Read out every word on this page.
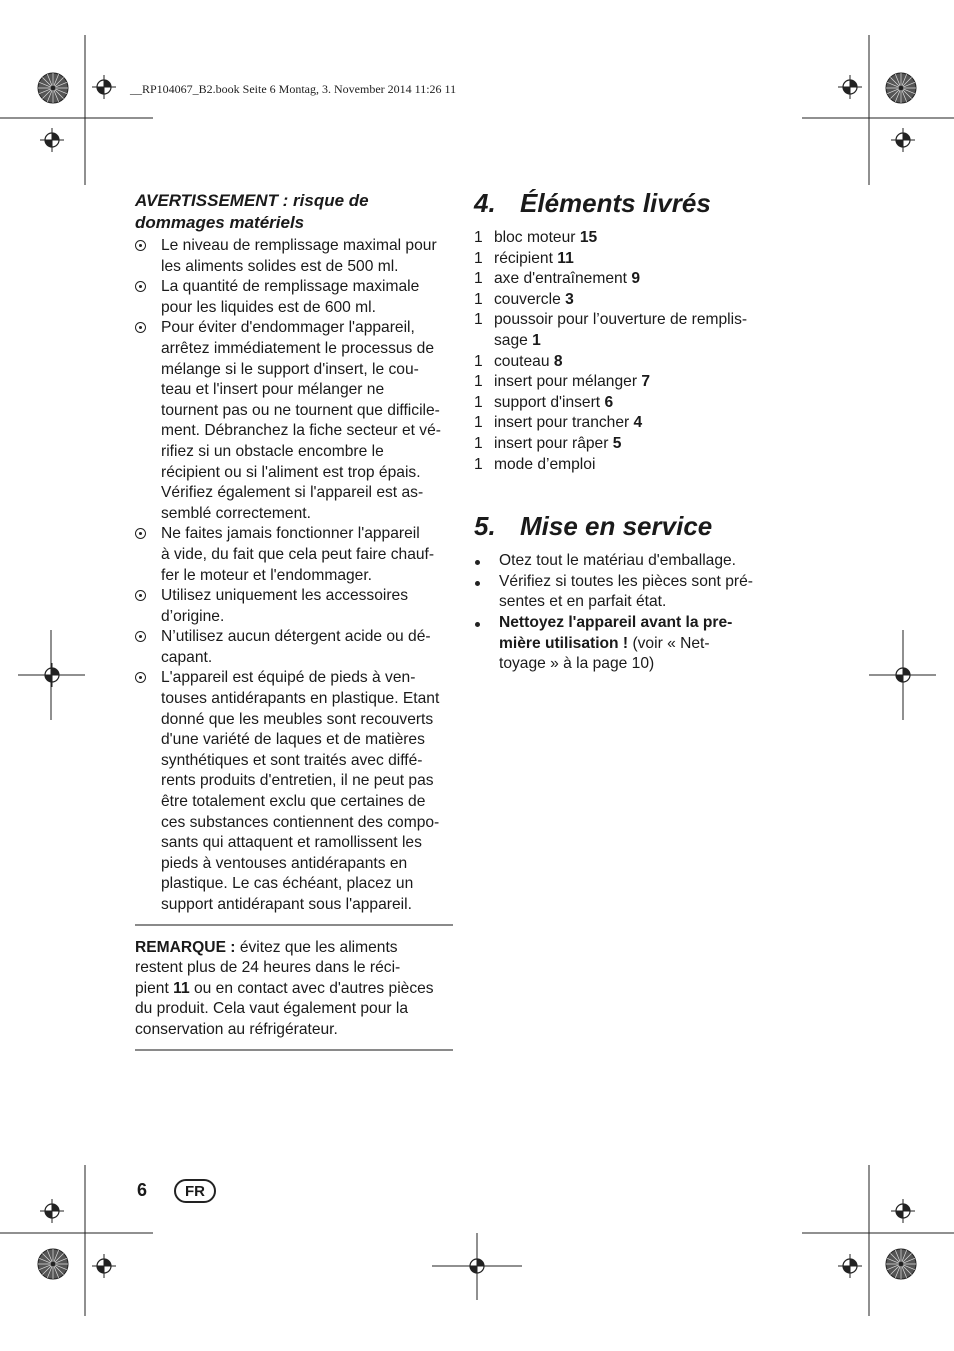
__RP104067_B2.book Seite 6 Montag, 3. November 2014 11:26 11
AVERTISSEMENT : risque de
dommages matériels
Le niveau de remplissage maximal pour
les aliments solides est de 500 ml.
La quantité de remplissage maximale
pour les liquides est de 600 ml.
Pour éviter d'endommager l'appareil,
arrêtez immédiatement le processus de
mélange si le support d'insert, le cou-
teau et l'insert pour mélanger ne
tournent pas ou ne tournent que difficile-
ment. Débranchez la fiche secteur et vé-
rifiez si un obstacle encombre le
récipient ou si l'aliment est trop épais.
Vérifiez également si l'appareil est as-
semblé correctement.
Ne faites jamais fonctionner l'appareil
à vide, du fait que cela peut faire chauf-
fer le moteur et l'endommager.
Utilisez uniquement les accessoires
d’origine.
N’utilisez aucun détergent acide ou dé-
capant.
L'appareil est équipé de pieds à ven-
touses antidérapants en plastique. Etant
donné que les meubles sont recouverts
d'une variété de laques et de matières
synthétiques et sont traités avec diffé-
rents produits d'entretien, il ne peut pas
être totalement exclu que certaines de
ces substances contiennent des compo-
sants qui attaquent et ramollissent les
pieds à ventouses antidérapants en
plastique. Le cas échéant, placez un
support antidérapant sous l'appareil.
REMARQUE : évitez que les aliments
restent plus de 24 heures dans le réci-
pient 11 ou en contact avec d'autres pièces
du produit. Cela vaut également pour la
conservation au réfrigérateur.
4. Éléments livrés
1 bloc moteur 15
1 récipient 11
1 axe d'entraînement 9
1 couvercle 3
1 poussoir pour l’ouverture de remplis-
sage 1
1 couteau 8
1 insert pour mélanger 7
1 support d'insert 6
1 insert pour trancher 4
1 insert pour râper 5
1 mode d’emploi
5. Mise en service
Otez tout le matériau d'emballage.
Vérifiez si toutes les pièces sont pré-
sentes et en parfait état.
Nettoyez l'appareil avant la pre-
mière utilisation ! (voir « Net-
toyage » à la page 10)
6	FR
